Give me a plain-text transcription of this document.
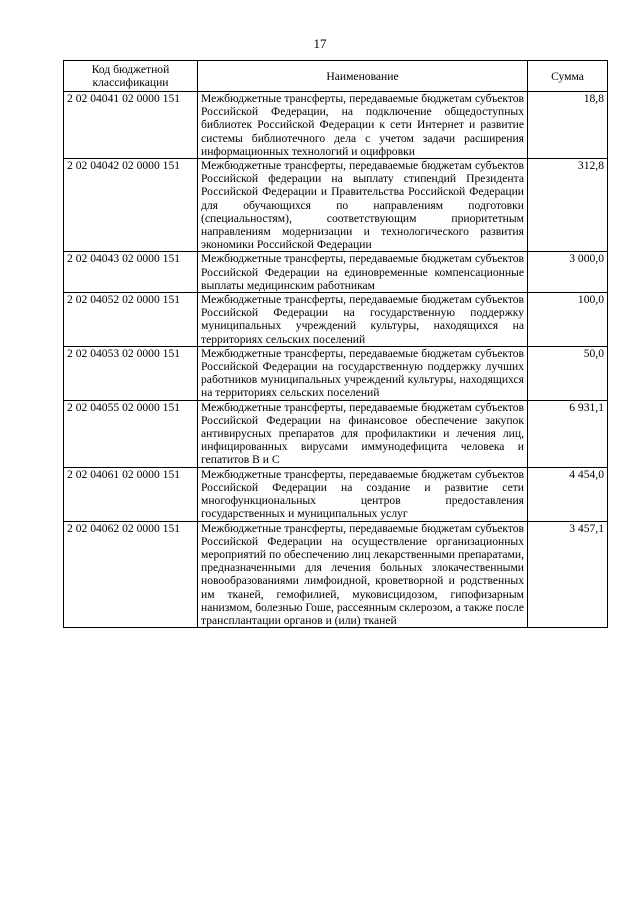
17
Код бюджетной классификации	Наименование	Сумма
2 02 04041 02 0000 151	Межбюджетные трансферты, передаваемые бюджетам субъектов Российской Федерации, на подключение общедоступных библиотек Российской Федерации к сети Интернет и развитие системы библиотечного дела с учетом задачи расширения информационных технологий и оцифровки	18,8
2 02 04042 02 0000 151	Межбюджетные трансферты, передаваемые бюджетам субъектов Российской федерации на выплату стипендий Президента Российской Федерации и Правительства Российской Федерации для обучающихся по направлениям подготовки (специальностям), соответствующим приоритетным направлениям модернизации и технологического развития экономики Российской Федерации	312,8
2 02 04043 02 0000 151	Межбюджетные трансферты, передаваемые бюджетам субъектов Российской Федерации на единовременные компенсационные выплаты медицинским работникам	3 000,0
2 02 04052 02 0000 151	Межбюджетные трансферты, передаваемые бюджетам субъектов Российской Федерации на государственную поддержку муниципальных учреждений культуры, находящихся на территориях сельских поселений	100,0
2 02 04053 02 0000 151	Межбюджетные трансферты, передаваемые бюджетам субъектов Российской Федерации на государственную поддержку лучших работников муниципальных учреждений культуры, находящихся на территориях сельских поселений	50,0
2 02 04055 02 0000 151	Межбюджетные трансферты, передаваемые бюджетам субъектов Российской Федерации на финансовое обеспечение закупок антивирусных препаратов для профилактики и лечения лиц, инфицированных вирусами иммунодефицита человека и гепатитов B и C	6 931,1
2 02 04061 02 0000 151	Межбюджетные трансферты, передаваемые бюджетам субъектов Российской Федерации на создание и развитие сети многофункциональных центров предоставления государственных и муниципальных услуг	4 454,0
2 02 04062 02 0000 151	Межбюджетные трансферты, передаваемые бюджетам субъектов Российской Федерации на осуществление организационных мероприятий по обеспечению лиц лекарственными препаратами, предназначенными для лечения больных злокачественными новообразованиями лимфоидной, кроветворной и родственных им тканей, гемофилией, муковисцидозом, гипофизарным нанизмом, болезнью Гоше, рассеянным склерозом, а также после трансплантации органов и (или) тканей	3 457,1
